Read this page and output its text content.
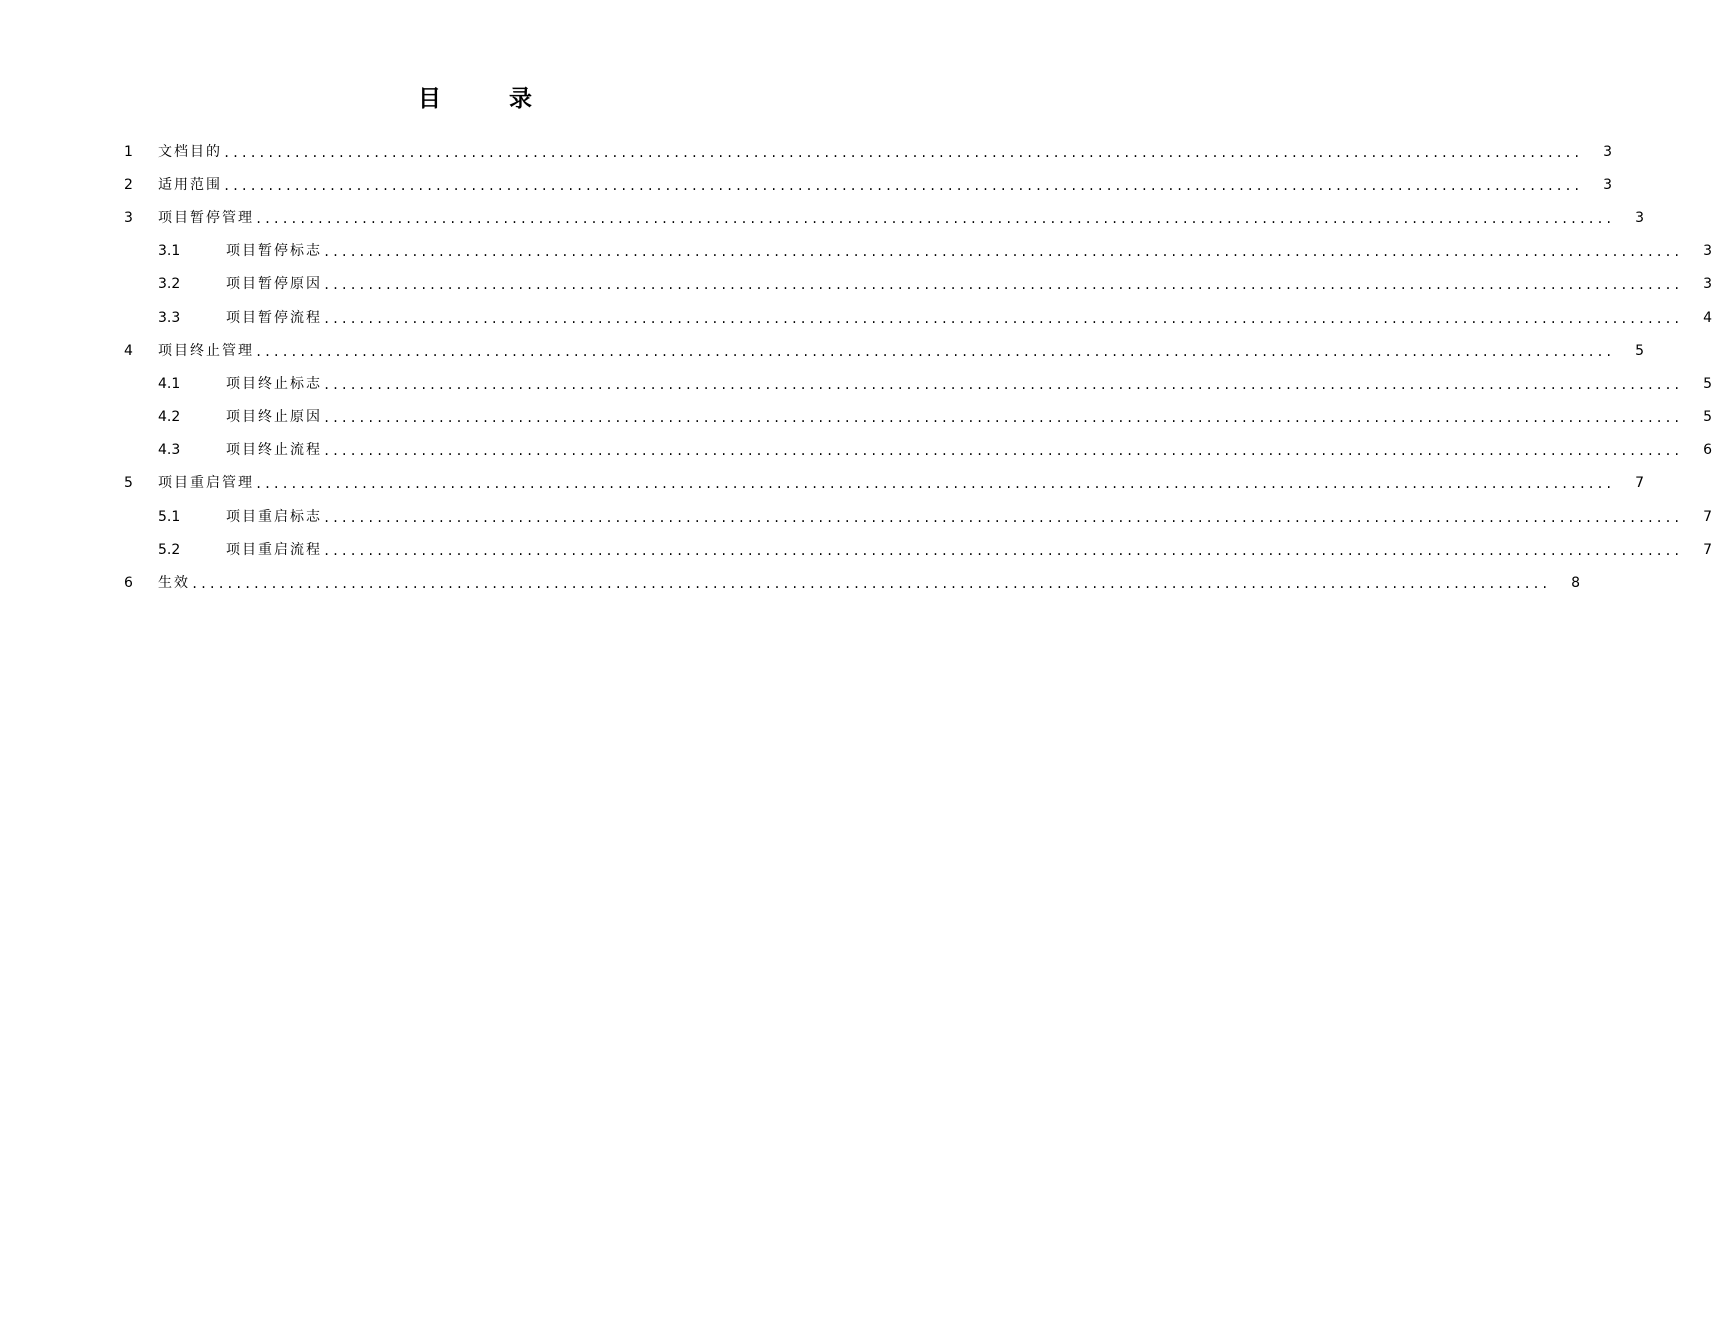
目 录
1	文档目的 .......................................................................................................................................................... 3
2	适用范围 .......................................................................................................................................................... 3
3	项目暂停管理 .......................................................................................................................................................... 3
3.1	项目暂停标志 .......................................................................................................................................................... 3
3.2	项目暂停原因 .......................................................................................................................................................... 3
3.3	项目暂停流程 .......................................................................................................................................................... 4
4	项目终止管理 .......................................................................................................................................................... 5
4.1	项目终止标志 .......................................................................................................................................................... 5
4.2	项目终止原因 .......................................................................................................................................................... 5
4.3	项目终止流程 .......................................................................................................................................................... 6
5	项目重启管理 .......................................................................................................................................................... 7
5.1	项目重启标志 .......................................................................................................................................................... 7
5.2	项目重启流程 .......................................................................................................................................................... 7
6	生效 .......................................................................................................................................................... 8
